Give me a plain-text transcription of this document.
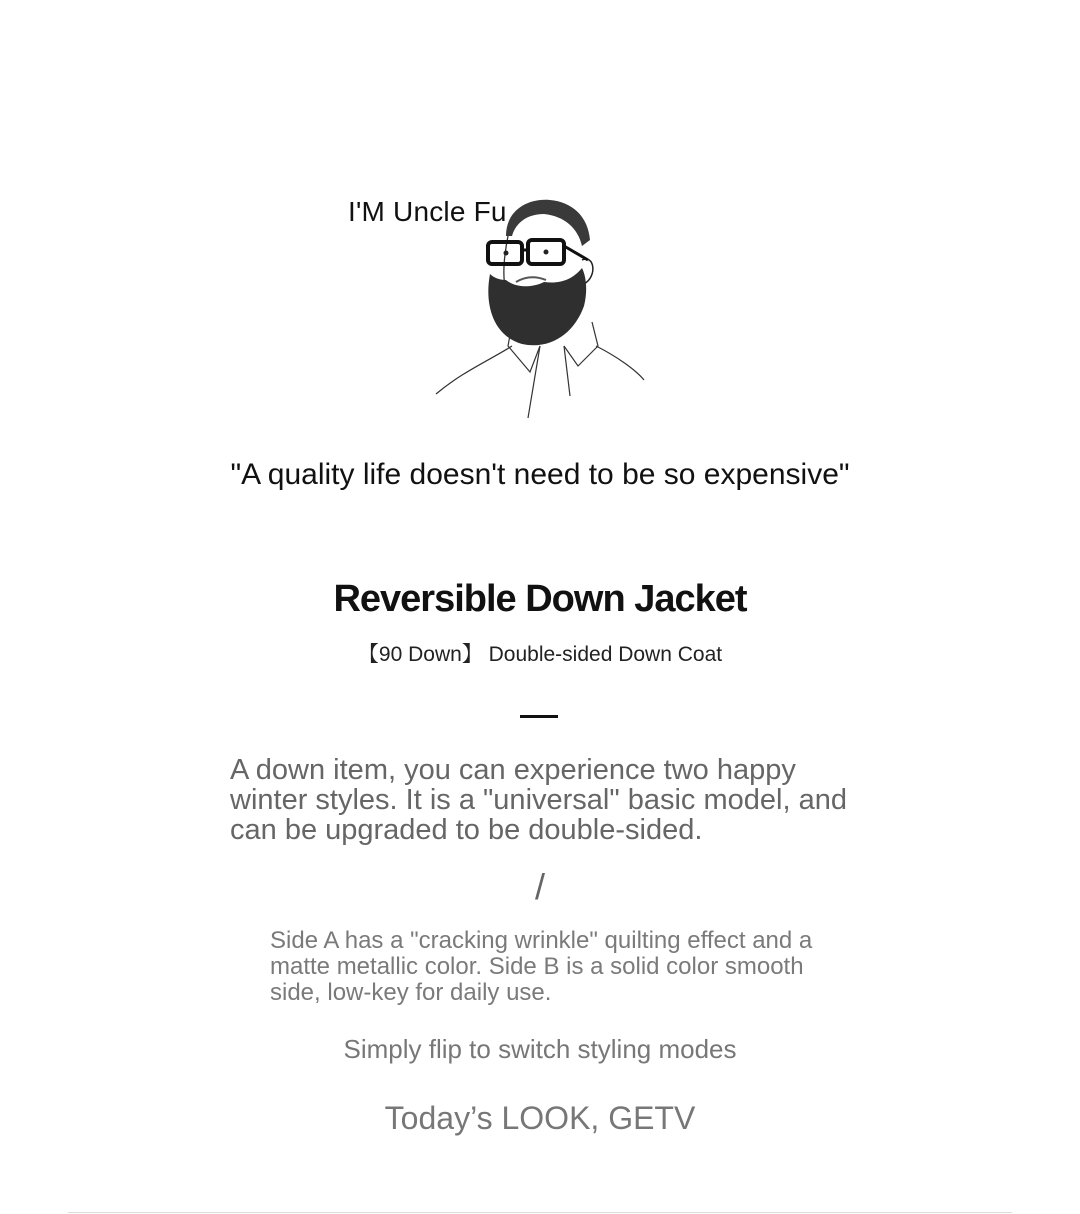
I'M Uncle Fu
"A quality life doesn't need to be so expensive"
Reversible Down Jacket
【90 Down】 Double-sided Down Coat
A down item, you can experience two happy winter styles. It is a "universal" basic model, and can be upgraded to be double-sided.
/
Side A has a "cracking wrinkle" quilting effect and a matte metallic color. Side B is a solid color smooth side, low-key for daily use.
Simply flip to switch styling modes
Today’s LOOK, GETV
